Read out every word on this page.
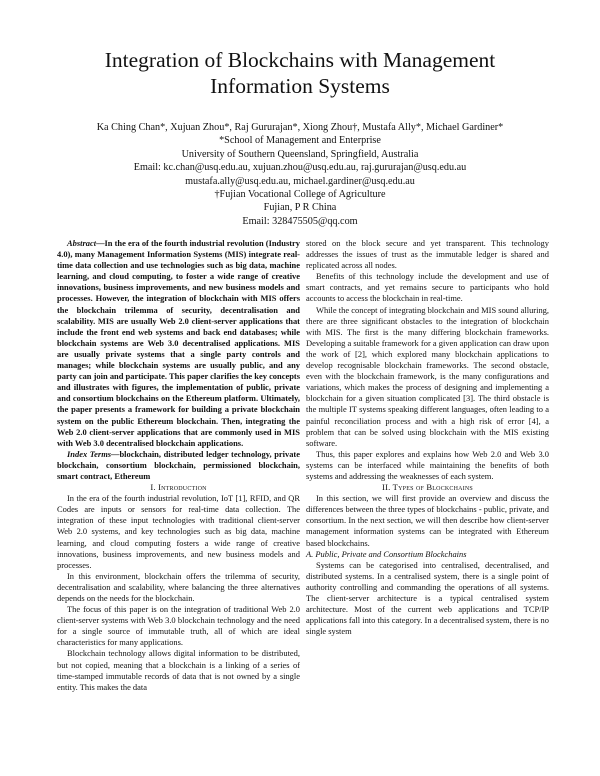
Integration of Blockchains with Management
Information Systems
Ka Ching Chan*, Xujuan Zhou*, Raj Gururajan*, Xiong Zhou†, Mustafa Ally*, Michael Gardiner*
*School of Management and Enterprise
University of Southern Queensland, Springfield, Australia
Email: kc.chan@usq.edu.au, xujuan.zhou@usq.edu.au, raj.gururajan@usq.edu.au
mustafa.ally@usq.edu.au, michael.gardiner@usq.edu.au
†Fujian Vocational College of Agriculture
Fujian, P R China
Email: 328475505@qq.com

Abstract—In the era of the fourth industrial revolution (Industry 4.0), many Management Information Systems (MIS) integrate real-time data collection and use technologies such as big data, machine learning, and cloud computing, to foster a wide range of creative innovations, business improvements, and new business models and processes. However, the integration of blockchain with MIS offers the blockchain trilemma of security, decentralisation and scalability. MIS are usually Web 2.0 client-server applications that include the front end web systems and back end databases; while blockchain systems are Web 3.0 decentralised applications. MIS are usually private systems that a single party controls and manages; while blockchain systems are usually public, and any party can join and participate. This paper clarifies the key concepts and illustrates with figures, the implementation of public, private and consortium blockchains on the Ethereum platform. Ultimately, the paper presents a framework for building a private blockchain system on the public Ethereum blockchain. Then, integrating the Web 2.0 client-server applications that are commonly used in MIS with Web 3.0 decentralised blockchain applications.

Index Terms—blockchain, distributed ledger technology, private blockchain, consortium blockchain, permissioned blockchain, smart contract, Ethereum

I. Introduction

In the era of the fourth industrial revolution, IoT [1], RFID, and QR Codes are inputs or sensors for real-time data collection. The integration of these input technologies with traditional client-server Web 2.0 systems, and key technologies such as big data, machine learning, and cloud computing fosters a wide range of creative innovations, business improvements, and new business models and processes.

In this environment, blockchain offers the trilemma of security, decentralisation and scalability, where balancing the three alternatives depends on the needs for the blockchain.

The focus of this paper is on the integration of traditional Web 2.0 client-server systems with Web 3.0 blockchain technology and the need for a single source of immutable truth, all of which are ideal characteristics for many applications.

Blockchain technology allows digital information to be distributed, but not copied, meaning that a blockchain is a linking of a series of time-stamped immutable records of data that is not owned by a single entity. This makes the data

stored on the block secure and yet transparent. This technology addresses the issues of trust as the immutable ledger is shared and replicated across all nodes.

Benefits of this technology include the development and use of smart contracts, and yet remains secure to participants who hold accounts to access the blockchain in real-time.

While the concept of integrating blockchain and MIS sound alluring, there are three significant obstacles to the integration of blockchain with MIS. The first is the many differing blockchain frameworks. Developing a suitable framework for a given application can draw upon the work of [2], which explored many blockchain applications to develop recognisable blockchain frameworks. The second obstacle, even with the blockchain framework, is the many configurations and variations, which makes the process of designing and implementing a blockchain for a given situation complicated [3]. The third obstacle is the multiple IT systems speaking different languages, often leading to a painful reconciliation process and with a high risk of error [4], a problem that can be solved using blockchain with the MIS existing software.

Thus, this paper explores and explains how Web 2.0 and Web 3.0 systems can be interfaced while maintaining the benefits of both systems and addressing the weaknesses of each system.

II. Types of Blockchains

In this section, we will first provide an overview and discuss the differences between the three types of blockchains - public, private, and consortium. In the next section, we will then describe how client-server management information systems can be integrated with Ethereum based blockchains.

A. Public, Private and Consortium Blockchains

Systems can be categorised into centralised, decentralised, and distributed systems. In a centralised system, there is a single point of authority controlling and commanding the operations of all systems. The client-server architecture is a typical centralised system architecture. Most of the current web applications and TCP/IP applications fall into this category. In a decentralised system, there is no single system
